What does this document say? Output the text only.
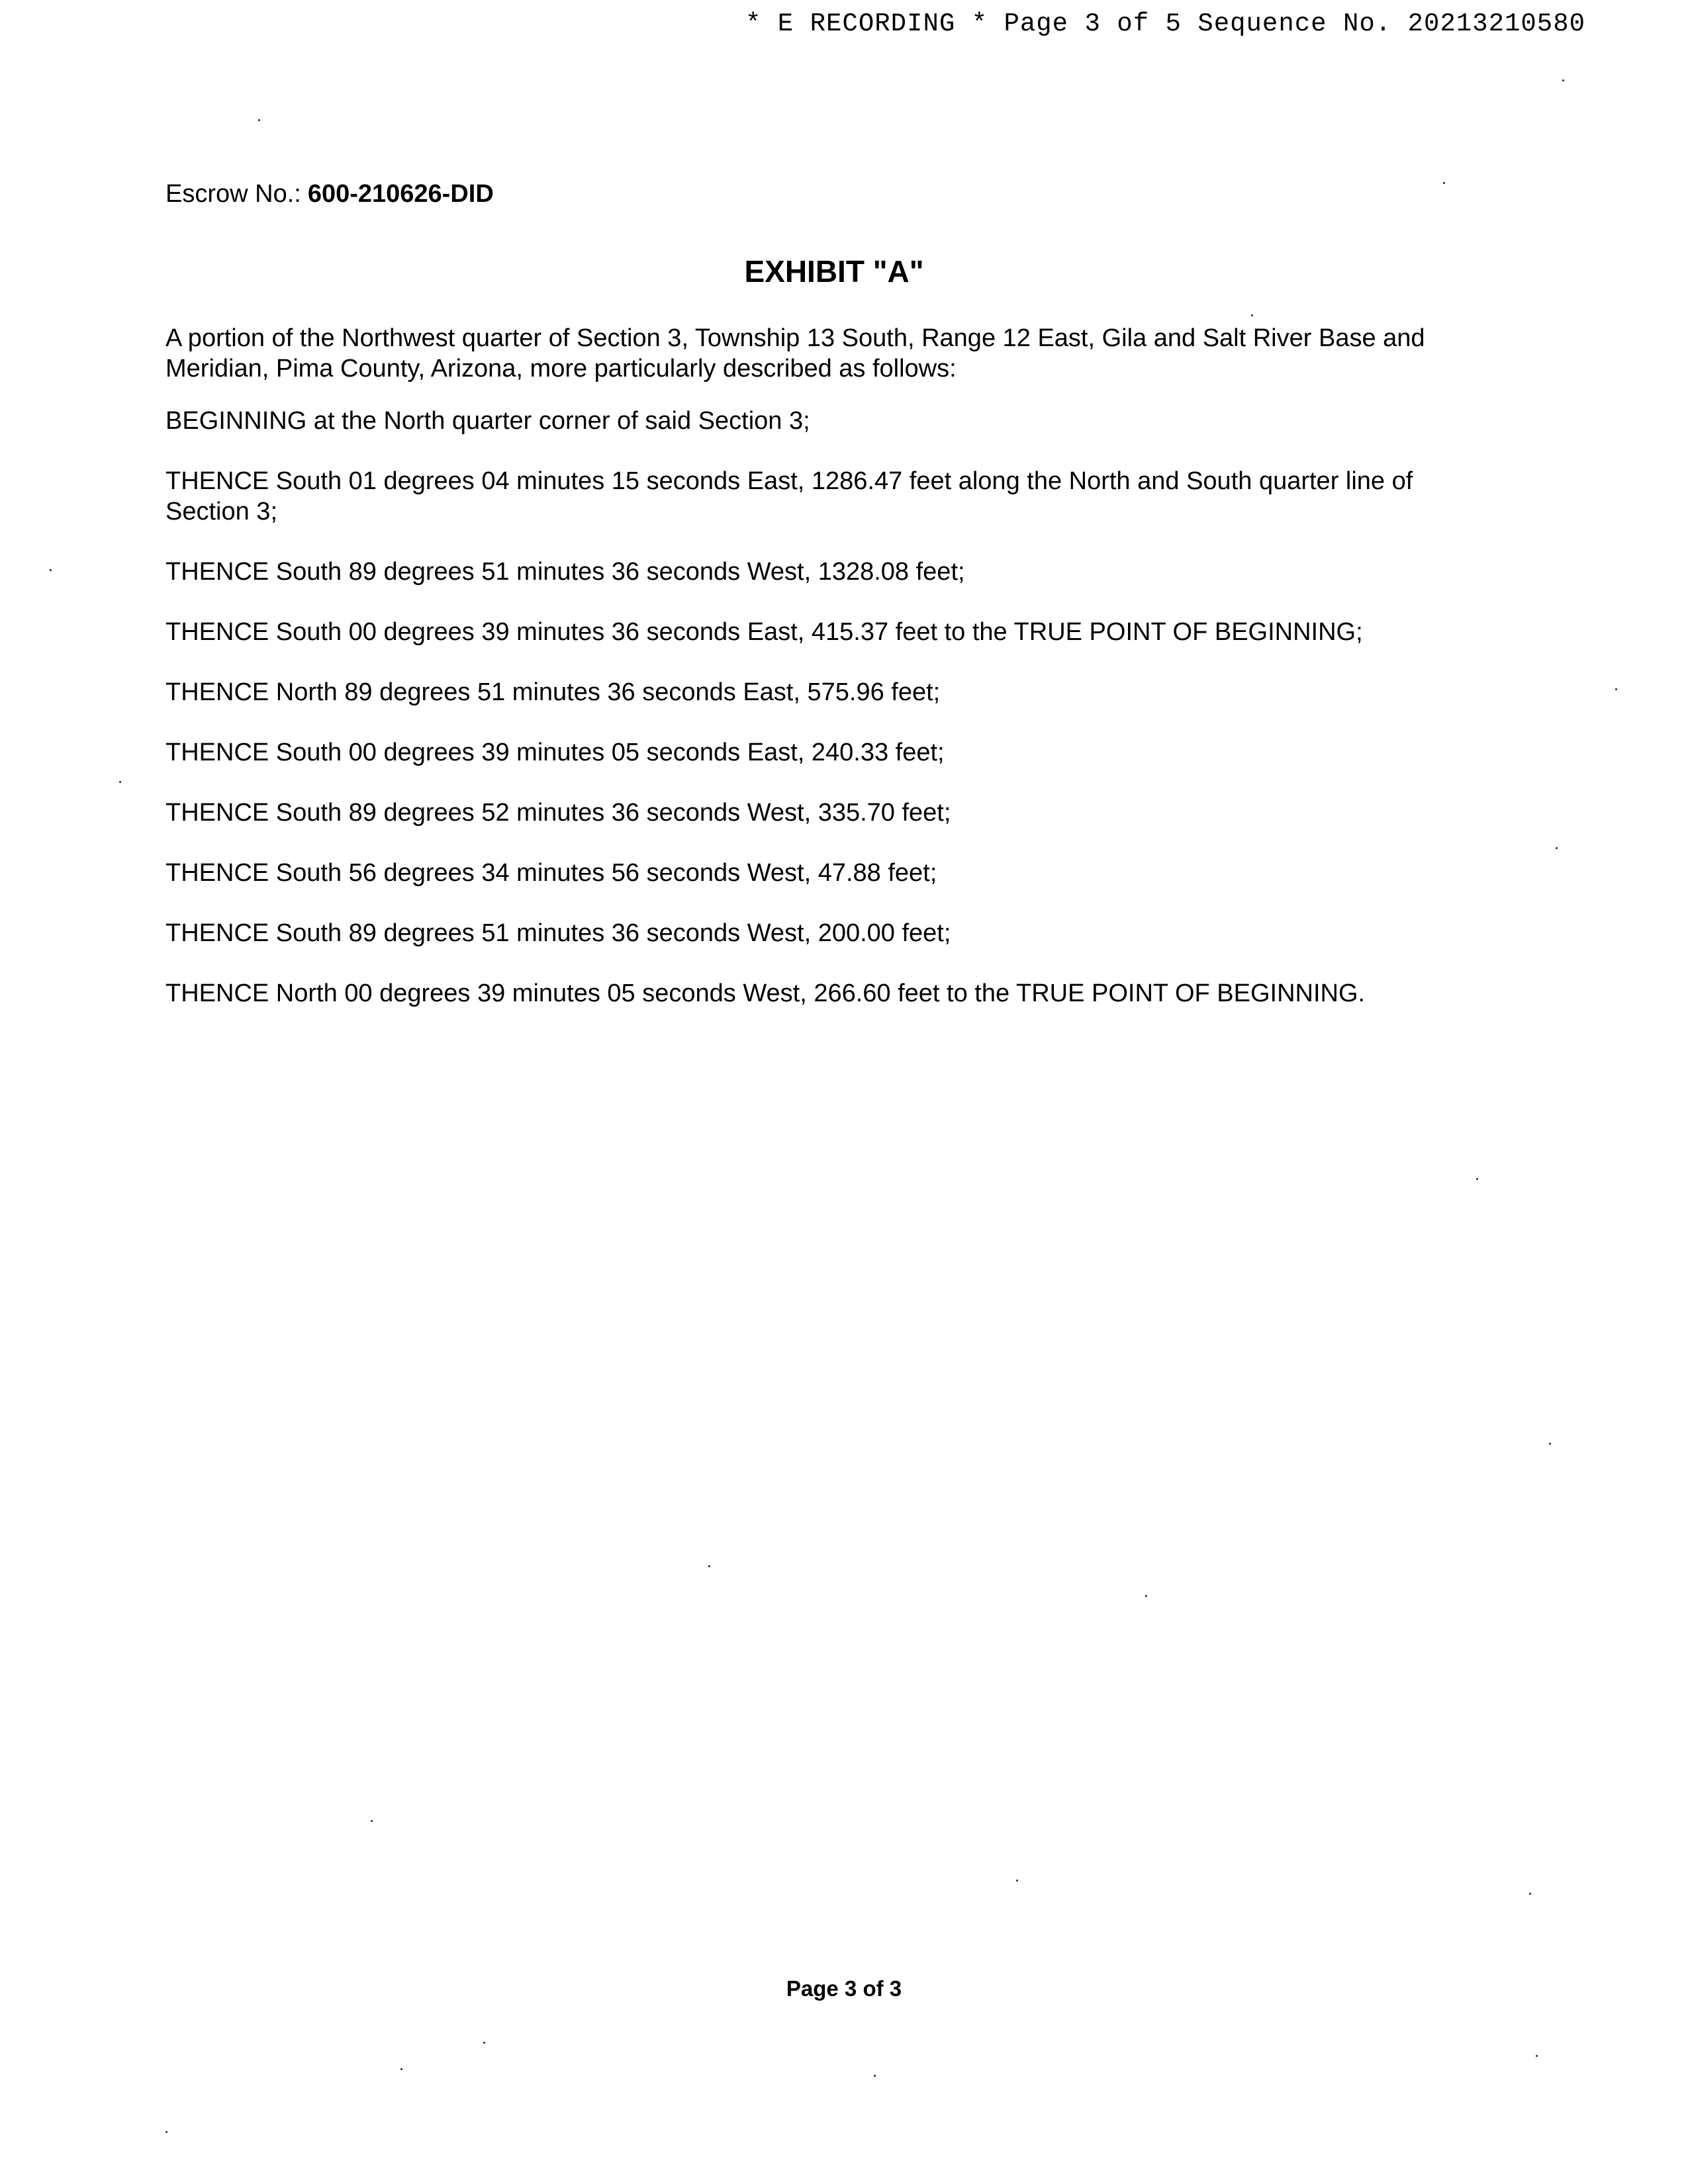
* E RECORDING * Page 3 of 5 Sequence No. 20213210580

Escrow No.: 600-210626-DID

EXHIBIT "A"

A portion of the Northwest quarter of Section 3, Township 13 South, Range 12 East, Gila and Salt River Base and Meridian, Pima County, Arizona, more particularly described as follows:

BEGINNING at the North quarter corner of said Section 3;
THENCE South 01 degrees 04 minutes 15 seconds East, 1286.47 feet along the North and South quarter line of Section 3;
THENCE South 89 degrees 51 minutes 36 seconds West, 1328.08 feet;
THENCE South 00 degrees 39 minutes 36 seconds East, 415.37 feet to the TRUE POINT OF BEGINNING;
THENCE North 89 degrees 51 minutes 36 seconds East, 575.96 feet;
THENCE South 00 degrees 39 minutes 05 seconds East, 240.33 feet;
THENCE South 89 degrees 52 minutes 36 seconds West, 335.70 feet;
THENCE South 56 degrees 34 minutes 56 seconds West, 47.88 feet;
THENCE South 89 degrees 51 minutes 36 seconds West, 200.00 feet;
THENCE North 00 degrees 39 minutes 05 seconds West, 266.60 feet to the TRUE POINT OF BEGINNING.
Page 3 of 3
